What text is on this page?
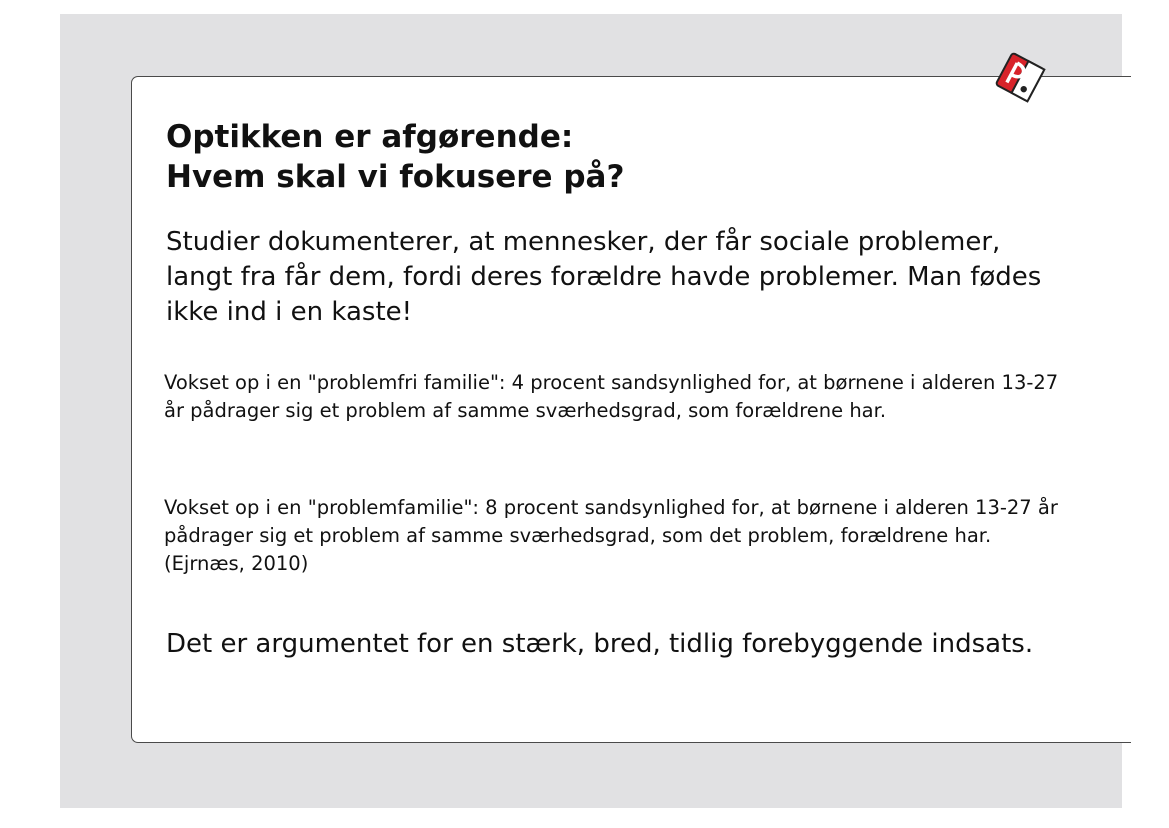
Optikken er afgørende:
Hvem skal vi fokusere på?

Studier dokumenterer, at mennesker, der får sociale problemer, langt fra får dem, fordi deres forældre havde problemer. Man fødes ikke ind i en kaste!

Vokset op i en "problemfri familie": 4 procent sandsynlighed for, at børnene i alderen 13-27 år pådrager sig et problem af samme sværhedsgrad, som forældrene har.

Vokset op i en "problemfamilie": 8 procent sandsynlighed for, at børnene i alderen 13-27 år pådrager sig et problem af samme sværhedsgrad, som det problem, forældrene har. (Ejrnæs, 2010)

Det er argumentet for en stærk, bred, tidlig forebyggende indsats.
